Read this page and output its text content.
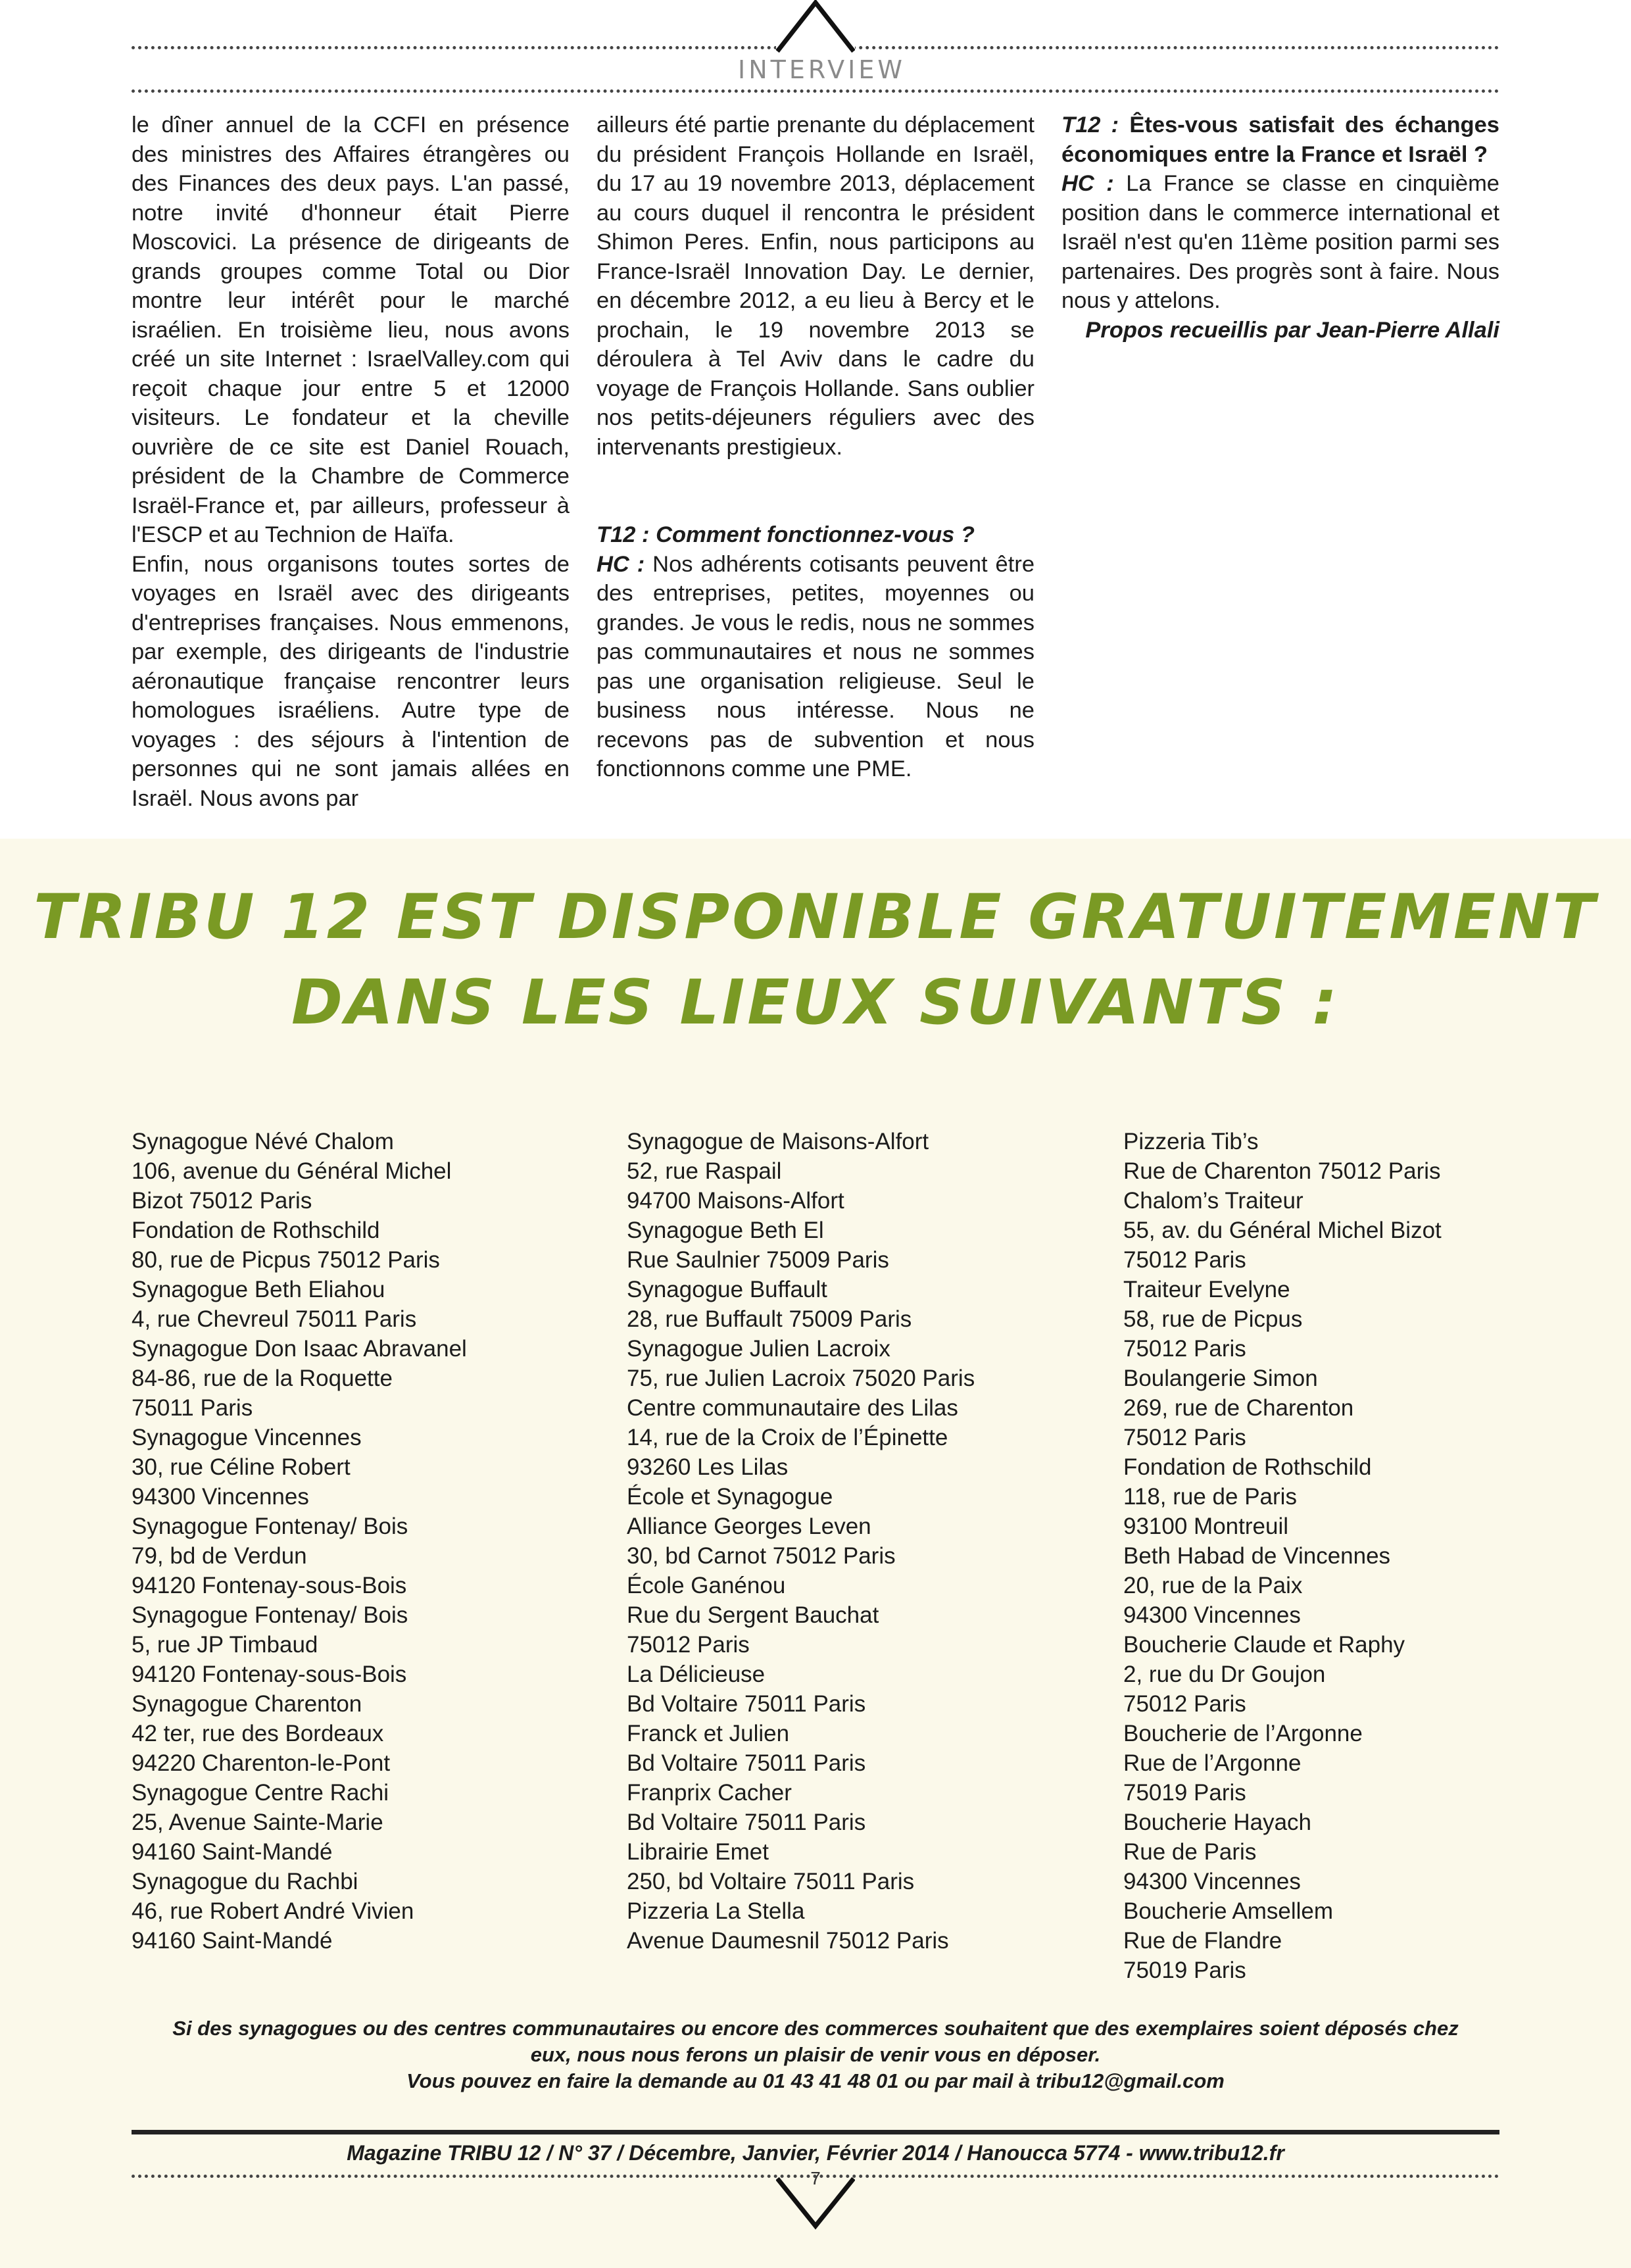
INTERVIEW

le dîner annuel de la CCFI en présence des ministres des Affaires étrangères ou des Finances des deux pays. L'an passé, notre invité d'honneur était Pierre Moscovici. La présence de dirigeants de grands groupes comme Total ou Dior montre leur intérêt pour le marché israélien. En troisième lieu, nous avons créé un site Internet : IsraelValley.com qui reçoit chaque jour entre 5 et 12000 visiteurs. Le fondateur et la cheville ouvrière de ce site est Daniel Rouach, président de la Chambre de Commerce Israël-France et, par ailleurs, professeur à l'ESCP et au Technion de Haïfa.

Enfin, nous organisons toutes sortes de voyages en Israël avec des dirigeants d'entreprises françaises. Nous emmenons, par exemple, des dirigeants de l'industrie aéronautique française rencontrer leurs homologues israéliens. Autre type de voyages : des séjours à l'intention de personnes qui ne sont jamais allées en Israël. Nous avons par

ailleurs été partie prenante du déplacement du président François Hollande en Israël, du 17 au 19 novembre 2013, déplacement au cours duquel il rencontra le président Shimon Peres. Enfin, nous participons au France-Israël Innovation Day. Le dernier, en décembre 2012, a eu lieu à Bercy et le prochain, le 19 novembre 2013 se déroulera à Tel Aviv dans le cadre du voyage de François Hollande. Sans oublier nos petits-déjeuners réguliers avec des intervenants prestigieux.

T12 : Comment fonctionnez-vous ?

HC : Nos adhérents cotisants peuvent être des entreprises, petites, moyennes ou grandes. Je vous le redis, nous ne sommes pas communautaires et nous ne sommes pas une organisation religieuse. Seul le business nous intéresse. Nous ne recevons pas de subvention et nous fonctionnons comme une PME.

T12 : Êtes-vous satisfait des échanges économiques entre la France et Israël ?

HC : La France se classe en cinquième position dans le commerce international et Israël n'est qu'en 11ème position parmi ses partenaires. Des progrès sont à faire. Nous nous y attelons.

Propos recueillis par Jean-Pierre Allali

TRIBU 12 EST DISPONIBLE GRATUITEMENT
DANS LES LIEUX SUIVANTS :
Synagogue Névé Chalom
106, avenue du Général Michel
Bizot 75012 Paris
Fondation de Rothschild
80, rue de Picpus 75012 Paris
Synagogue Beth Eliahou
4, rue Chevreul 75011 Paris
Synagogue Don Isaac Abravanel
84-86, rue de la Roquette
75011 Paris
Synagogue Vincennes
30, rue Céline Robert
94300 Vincennes
Synagogue Fontenay/ Bois
79, bd de Verdun
94120 Fontenay-sous-Bois
Synagogue Fontenay/ Bois
5, rue JP Timbaud
94120 Fontenay-sous-Bois
Synagogue Charenton
42 ter, rue des Bordeaux
94220 Charenton-le-Pont
Synagogue Centre Rachi
25, Avenue Sainte-Marie
94160 Saint-Mandé
Synagogue du Rachbi
46, rue Robert André Vivien
94160 Saint-Mandé
Synagogue de Maisons-Alfort
52, rue Raspail
94700 Maisons-Alfort
Synagogue Beth El
Rue Saulnier 75009 Paris
Synagogue Buffault
28, rue Buffault 75009 Paris
Synagogue Julien Lacroix
75, rue Julien Lacroix 75020 Paris
Centre communautaire des Lilas
14, rue de la Croix de l’Épinette
93260 Les Lilas
École et Synagogue
Alliance Georges Leven
30, bd Carnot 75012 Paris
École Ganénou
Rue du Sergent Bauchat
75012 Paris
La Délicieuse
Bd Voltaire 75011 Paris
Franck et Julien
Bd Voltaire 75011 Paris
Franprix Cacher
Bd Voltaire 75011 Paris
Librairie Emet
250, bd Voltaire 75011 Paris
Pizzeria La Stella
Avenue Daumesnil 75012 Paris
Pizzeria Tib’s
Rue de Charenton 75012 Paris
Chalom’s Traiteur
55, av. du Général Michel Bizot
75012 Paris
Traiteur Evelyne
58, rue de Picpus
75012 Paris
Boulangerie Simon
269, rue de Charenton
75012 Paris
Fondation de Rothschild
118, rue de Paris
93100 Montreuil
Beth Habad de Vincennes
20, rue de la Paix
94300 Vincennes
Boucherie Claude et Raphy
2, rue du Dr Goujon
75012 Paris
Boucherie de l’Argonne
Rue de l’Argonne
75019 Paris
Boucherie Hayach
Rue de Paris
94300 Vincennes
Boucherie Amsellem
Rue de Flandre
75019 Paris
Si des synagogues ou des centres communautaires ou encore des commerces souhaitent que des exemplaires soient déposés chez
eux, nous nous ferons un plaisir de venir vous en déposer.
Vous pouvez en faire la demande au 01 43 41 48 01 ou par mail à tribu12@gmail.com
Magazine TRIBU 12 / N° 37 / Décembre, Janvier, Février 2014 / Hanoucca 5774 - www.tribu12.fr
7
